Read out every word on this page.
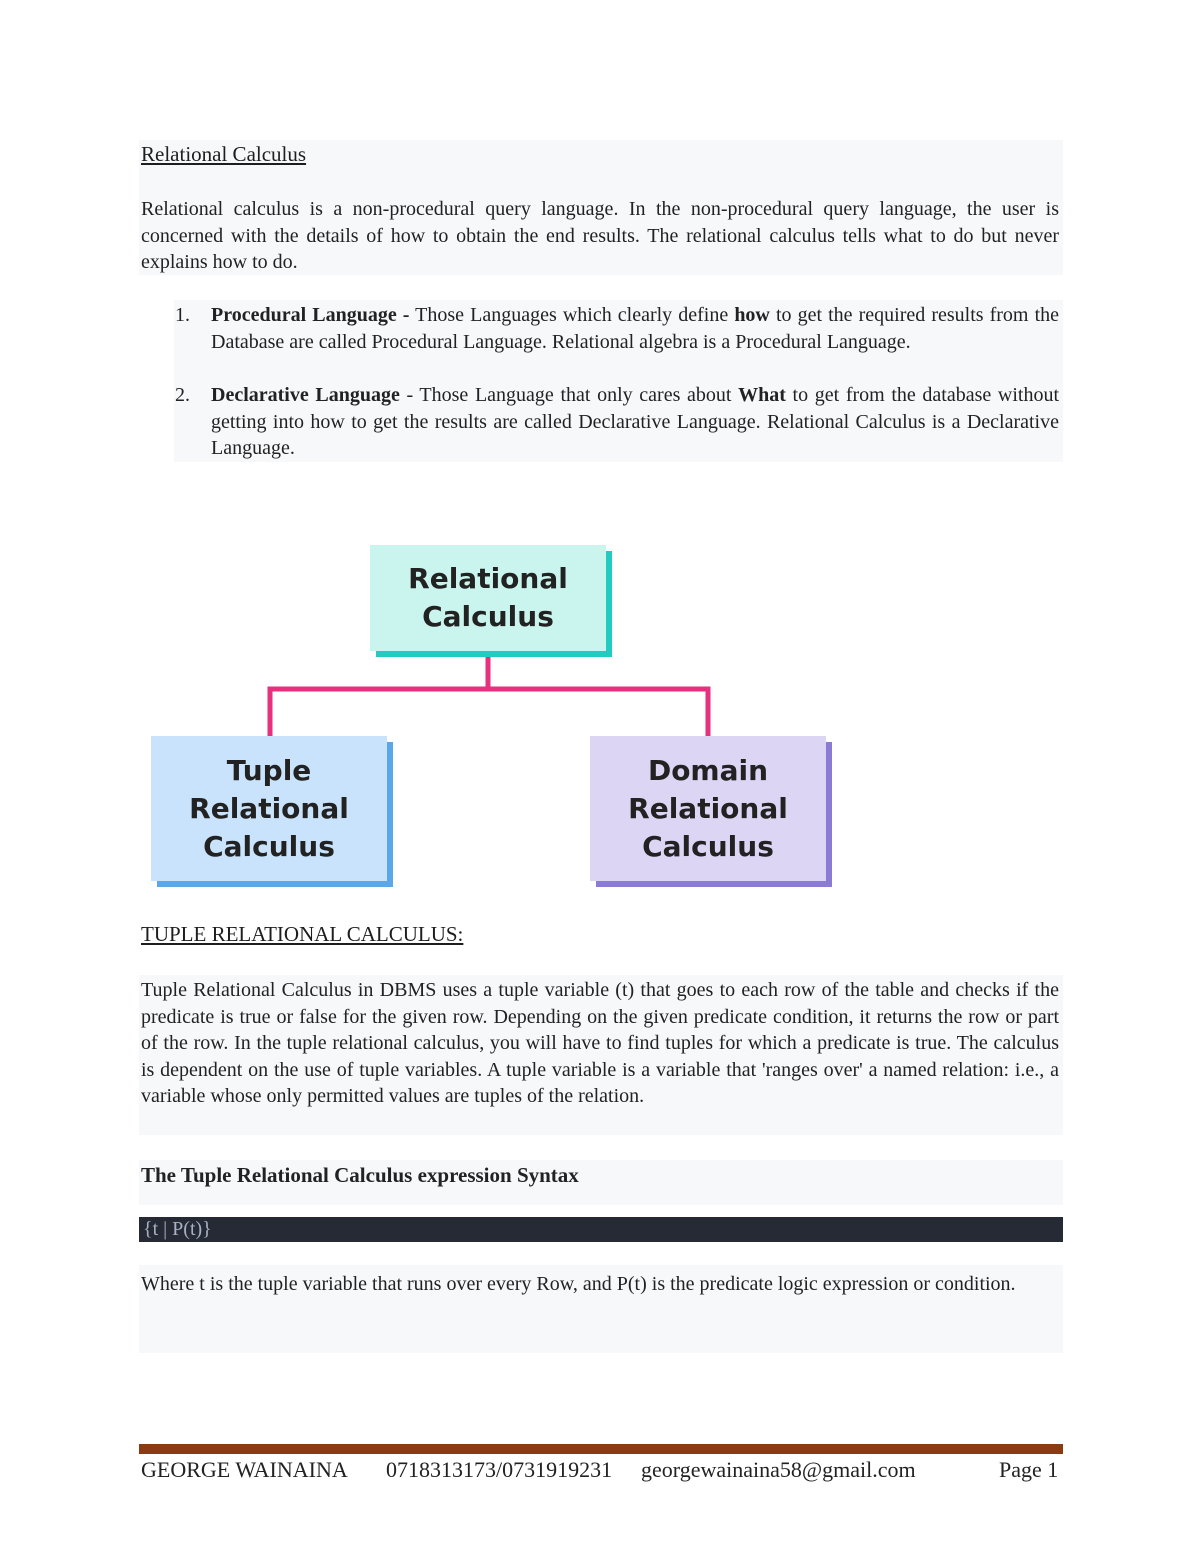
Relational Calculus
Relational calculus is a non-procedural query language. In the non-procedural query language, the user is concerned with the details of how to obtain the end results. The relational calculus tells what to do but never explains how to do.
1.	Procedural Language - Those Languages which clearly define how to get the required results from the Database are called Procedural Language. Relational algebra is a Procedural Language.
2.	Declarative Language - Those Language that only cares about What to get from the database without getting into how to get the results are called Declarative Language. Relational Calculus is a Declarative Language.
Relational
Calculus
Tuple
Relational
Calculus
Domain
Relational
Calculus
TUPLE RELATIONAL CALCULUS:
Tuple Relational Calculus in DBMS uses a tuple variable (t) that goes to each row of the table and checks if the predicate is true or false for the given row. Depending on the given predicate condition, it returns the row or part of the row. In the tuple relational calculus, you will have to find tuples for which a predicate is true. The calculus is dependent on the use of tuple variables. A tuple variable is a variable that 'ranges over' a named relation: i.e., a variable whose only permitted values are tuples of the relation.
The Tuple Relational Calculus expression Syntax
{t | P(t)}
Where t is the tuple variable that runs over every Row, and P(t) is the predicate logic expression or condition.
GEORGE WAINAINA 0718313173/0731919231 georgewainaina58@gmail.com	Page 1
